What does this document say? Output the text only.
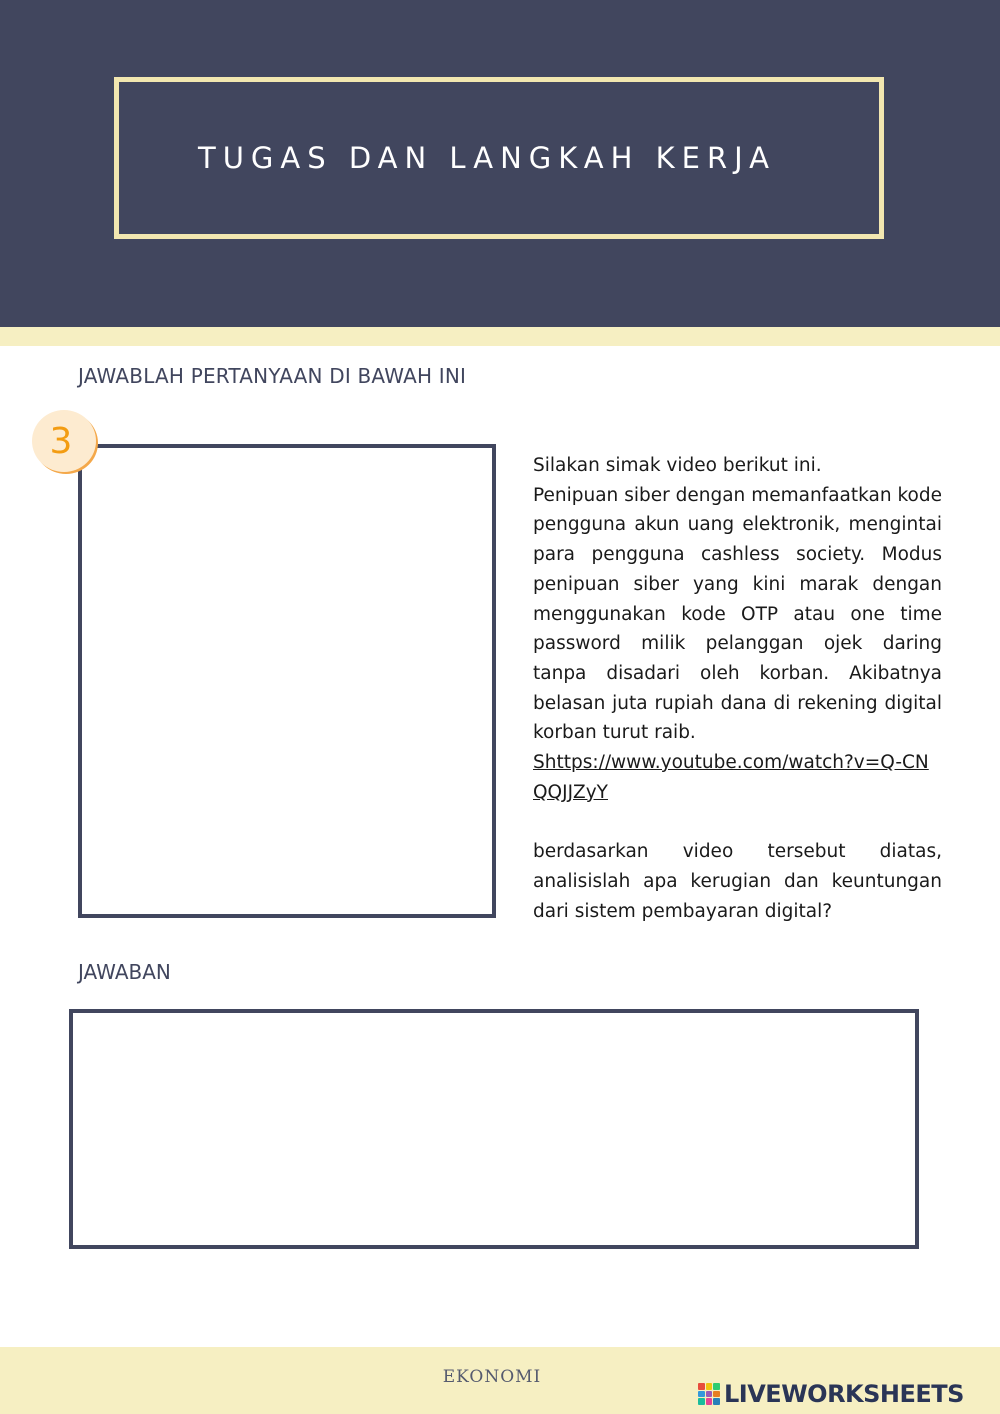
TUGAS DAN LANGKAH KERJA
JAWABLAH PERTANYAAN DI BAWAH INI
3

Silakan simak video berikut ini.

Penipuan siber dengan memanfaatkan kode pengguna akun uang elektronik, mengintai para pengguna cashless society. Modus penipuan siber yang kini marak dengan menggunakan kode OTP atau one time password milik pelanggan ojek daring tanpa disadari oleh korban. Akibatnya belasan juta rupiah dana di rekening digital korban turut raib.

Shttps://www.youtube.com/watch?v=Q-CNQQJJZyY

berdasarkan video tersebut diatas, analisislah apa kerugian dan keuntungan dari sistem pembayaran digital?

JAWABAN
EKONOMI
LIVEWORKSHEETS
